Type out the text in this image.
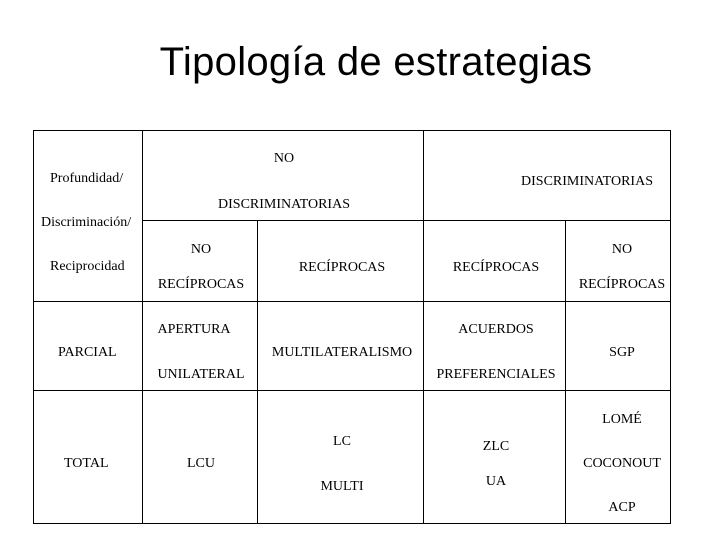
Tipología de estrategias
Profundidad/
Discriminación/
Reciprocidad
NO
DISCRIMINATORIAS
DISCRIMINATORIAS
NO
RECÍPROCAS
RECÍPROCAS	RECÍPROCAS
NO
RECÍPROCAS
PARCIAL
APERTURA
UNILATERAL
MULTILATERALISMO
ACUERDOS
PREFERENCIALES
SGP
TOTAL	LCU
LC
MULTI
ZLC
UA
LOMÉ
COCONOUT
ACP
